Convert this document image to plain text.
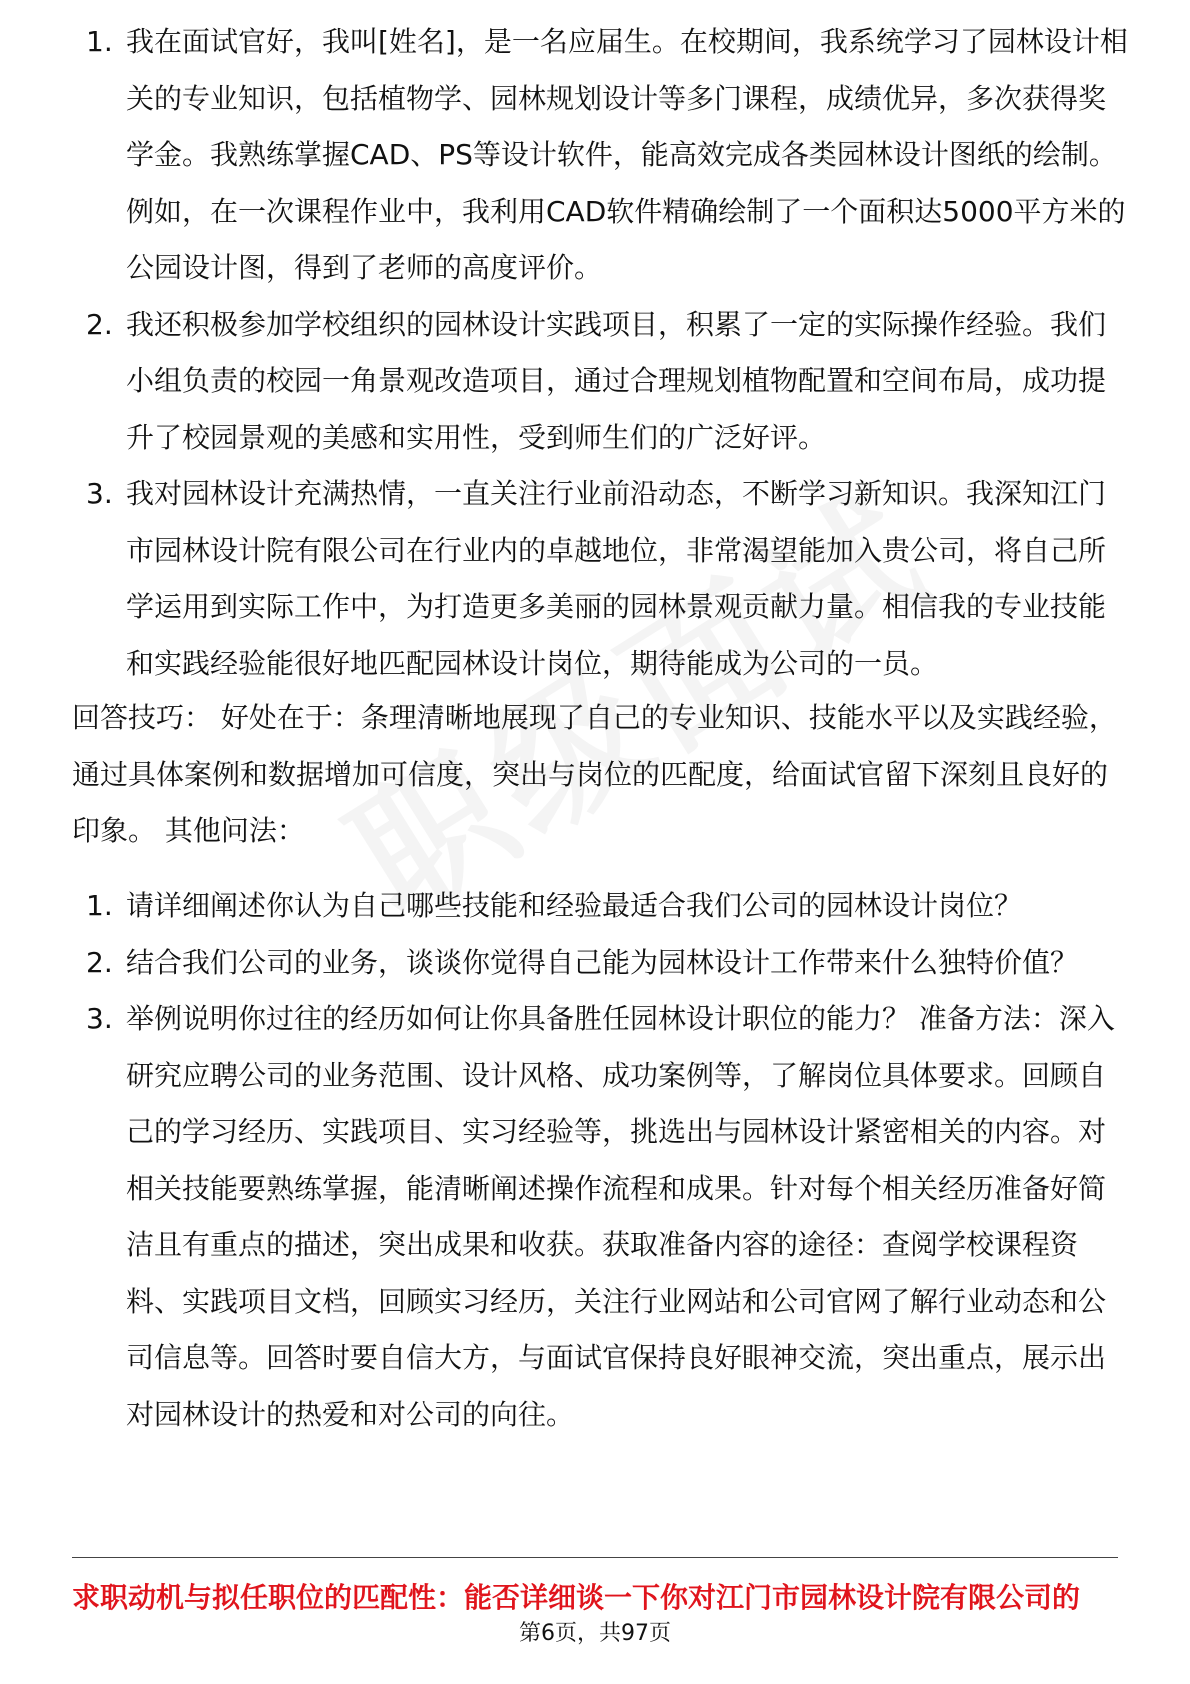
1. 我在面试官好，我叫[姓名]，是一名应届生。在校期间，我系统学习了园林设计相关的专业知识，包括植物学、园林规划设计等多门课程，成绩优异，多次获得奖学金。我熟练掌握CAD、PS等设计软件，能高效完成各类园林设计图纸的绘制。例如，在一次课程作业中，我利用CAD软件精确绘制了一个面积达5000平方米的公园设计图，得到了老师的高度评价。
2. 我还积极参加学校组织的园林设计实践项目，积累了一定的实际操作经验。我们小组负责的校园一角景观改造项目，通过合理规划植物配置和空间布局，成功提升了校园景观的美感和实用性，受到师生们的广泛好评。
3. 我对园林设计充满热情，一直关注行业前沿动态，不断学习新知识。我深知江门市园林设计院有限公司在行业内的卓越地位，非常渴望能加入贵公司，将自己所学运用到实际工作中，为打造更多美丽的园林景观贡献力量。相信我的专业技能和实践经验能很好地匹配园林设计岗位，期待能成为公司的一员。
回答技巧： 好处在于：条理清晰地展现了自己的专业知识、技能水平以及实践经验，通过具体案例和数据增加可信度，突出与岗位的匹配度，给面试官留下深刻且良好的印象。 其他问法：
1. 请详细阐述你认为自己哪些技能和经验最适合我们公司的园林设计岗位？
2. 结合我们公司的业务，谈谈你觉得自己能为园林设计工作带来什么独特价值？
3. 举例说明你过往的经历如何让你具备胜任园林设计职位的能力？ 准备方法：深入研究应聘公司的业务范围、设计风格、成功案例等，了解岗位具体要求。回顾自己的学习经历、实践项目、实习经验等，挑选出与园林设计紧密相关的内容。对相关技能要熟练掌握，能清晰阐述操作流程和成果。针对每个相关经历准备好简洁且有重点的描述，突出成果和收获。获取准备内容的途径：查阅学校课程资料、实践项目文档，回顾实习经历，关注行业网站和公司官网了解行业动态和公司信息等。回答时要自信大方，与面试官保持良好眼神交流，突出重点，展示出对园林设计的热爱和对公司的向往。
求职动机与拟任职位的匹配性：能否详细谈一下你对江门市园林设计院有限公司的
第6页，共97页
